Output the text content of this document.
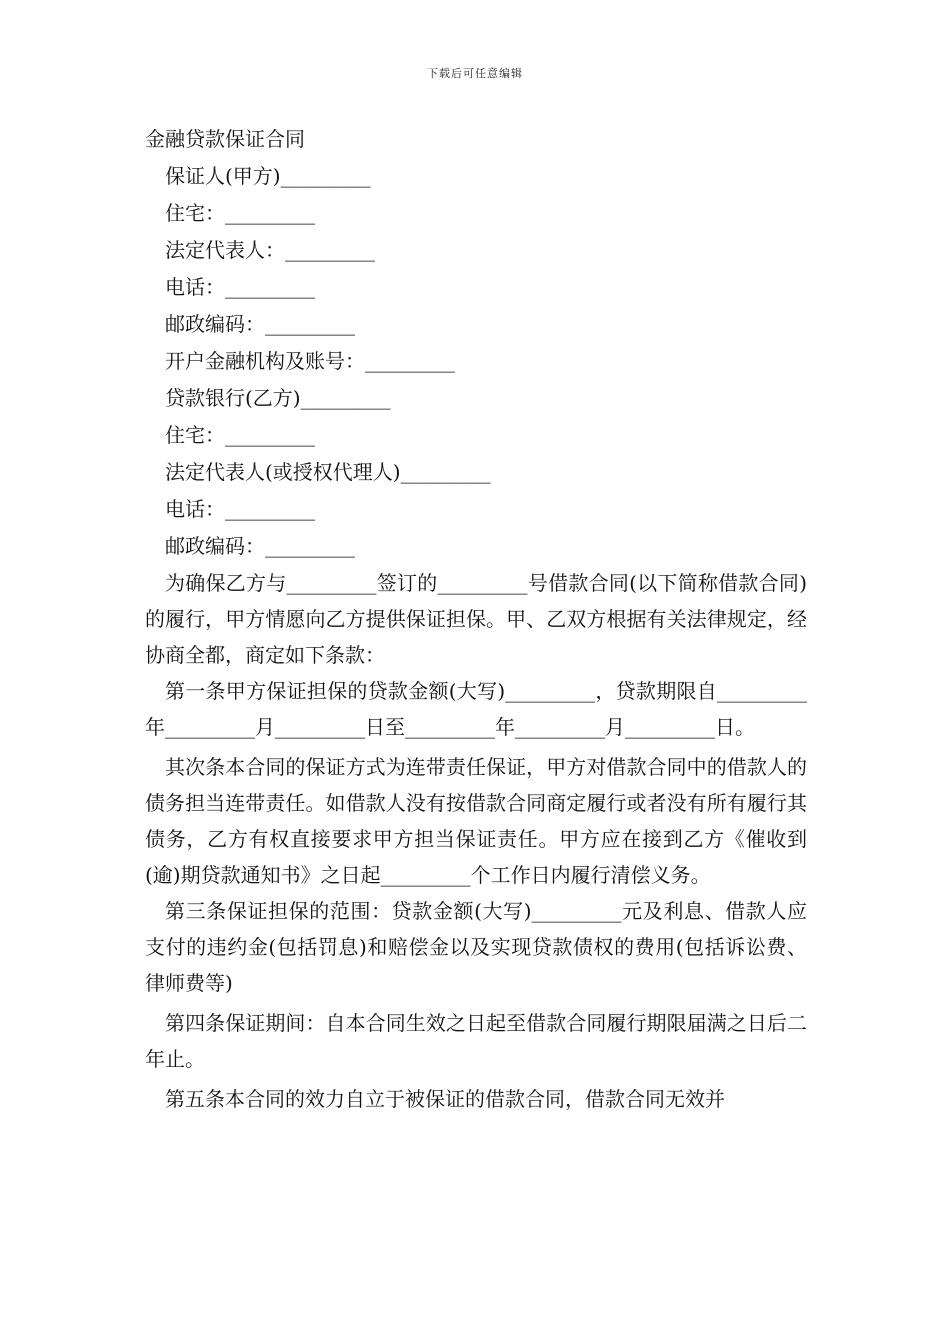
下载后可任意编辑
金融贷款保证合同
保证人(甲方)_________
住宅：_________
法定代表人：_________
电话：_________
邮政编码：_________
开户金融机构及账号：_________
贷款银行(乙方)_________
住宅：_________
法定代表人(或授权代理人)_________
电话：_________
邮政编码：_________

为确保乙方与_________签订的_________号借款合同(以下简称借款合同)的履行，甲方情愿向乙方提供保证担保。甲、乙双方根据有关法律规定，经协商全都，商定如下条款：

第一条甲方保证担保的贷款金额(大写)_________，贷款期限自_________年_________月_________日至_________年_________月_________日。

其次条本合同的保证方式为连带责任保证，甲方对借款合同中的借款人的债务担当连带责任。如借款人没有按借款合同商定履行或者没有所有履行其债务，乙方有权直接要求甲方担当保证责任。甲方应在接到乙方《催收到(逾)期贷款通知书》之日起_________个工作日内履行清偿义务。

第三条保证担保的范围：贷款金额(大写)_________元及利息、借款人应支付的违约金(包括罚息)和赔偿金以及实现贷款债权的费用(包括诉讼费、律师费等)

第四条保证期间：自本合同生效之日起至借款合同履行期限届满之日后二年止。

第五条本合同的效力自立于被保证的借款合同，借款合同无效并
